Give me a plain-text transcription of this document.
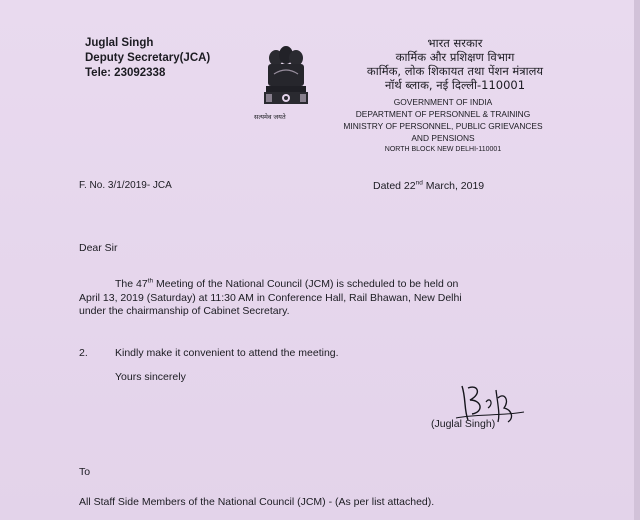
Juglal Singh
Deputy Secretary(JCA)
Tele: 23092338
सत्यमेव जयते
भारत सरकार
कार्मिक और प्रशिक्षण विभाग
कार्मिक, लोक शिकायत तथा पेंशन मंत्रालय
नॉर्थ ब्लाक, नई दिल्ली-110001
GOVERNMENT OF INDIA
DEPARTMENT OF PERSONNEL & TRAINING
MINISTRY OF PERSONNEL, PUBLIC GRIEVANCES
AND PENSIONS
NORTH BLOCK NEW DELHI-110001
F. No. 3/1/2019- JCA	Dated 22nd March, 2019
Dear Sir
The 47th Meeting of the National Council (JCM) is scheduled to be held on
April 13, 2019 (Saturday) at 11:30 AM in Conference Hall, Rail Bhawan, New Delhi
under the chairmanship of Cabinet Secretary.
2.	Kindly make it convenient to attend the meeting.
Yours sincerely
(Juglal Singh)
To
All Staff Side Members of the National Council (JCM) - (As per list attached).
